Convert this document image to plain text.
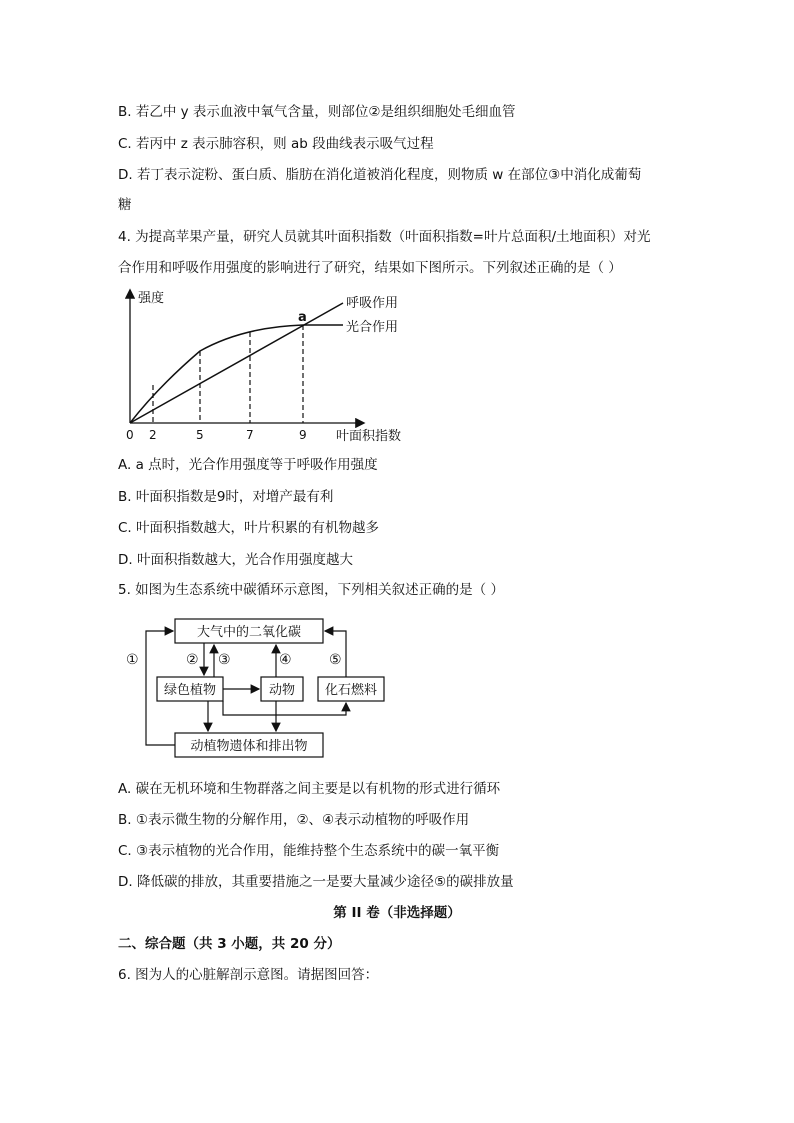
B. 若乙中 y 表示血液中氧气含量，则部位②是组织细胞处毛细血管
C. 若丙中 z 表示肺容积，则 ab 段曲线表示吸气过程
D. 若丁表示淀粉、蛋白质、脂肪在消化道被消化程度，则物质 w 在部位③中消化成葡萄
糖
4. 为提高苹果产量，研究人员就其叶面积指数（叶面积指数=叶片总面积/土地面积）对光
合作用和呼吸作用强度的影响进行了研究，结果如下图所示。下列叙述正确的是（ ）
强度
叶面积指数
0 2	5	7	9
a
呼吸作用
光合作用
A. a 点时，光合作用强度等于呼吸作用强度
B. 叶面积指数是9时，对增产最有利
C. 叶面积指数越大，叶片积累的有机物越多
D. 叶面积指数越大，光合作用强度越大
5. 如图为生态系统中碳循环示意图，下列相关叙述正确的是（ ）
大气中的二氧化碳
绿色植物	动物 化石燃料
动植物遗体和排出物
①	② ③	④	⑤
A. 碳在无机环境和生物群落之间主要是以有机物的形式进行循环
B. ①表示微生物的分解作用，②、④表示动植物的呼吸作用
C. ③表示植物的光合作用，能维持整个生态系统中的碳一氧平衡
D. 降低碳的排放，其重要措施之一是要大量减少途径⑤的碳排放量
第 II 卷（非选择题）
二、综合题（共 3 小题，共 20 分）
6. 图为人的心脏解剖示意图。请据图回答：
